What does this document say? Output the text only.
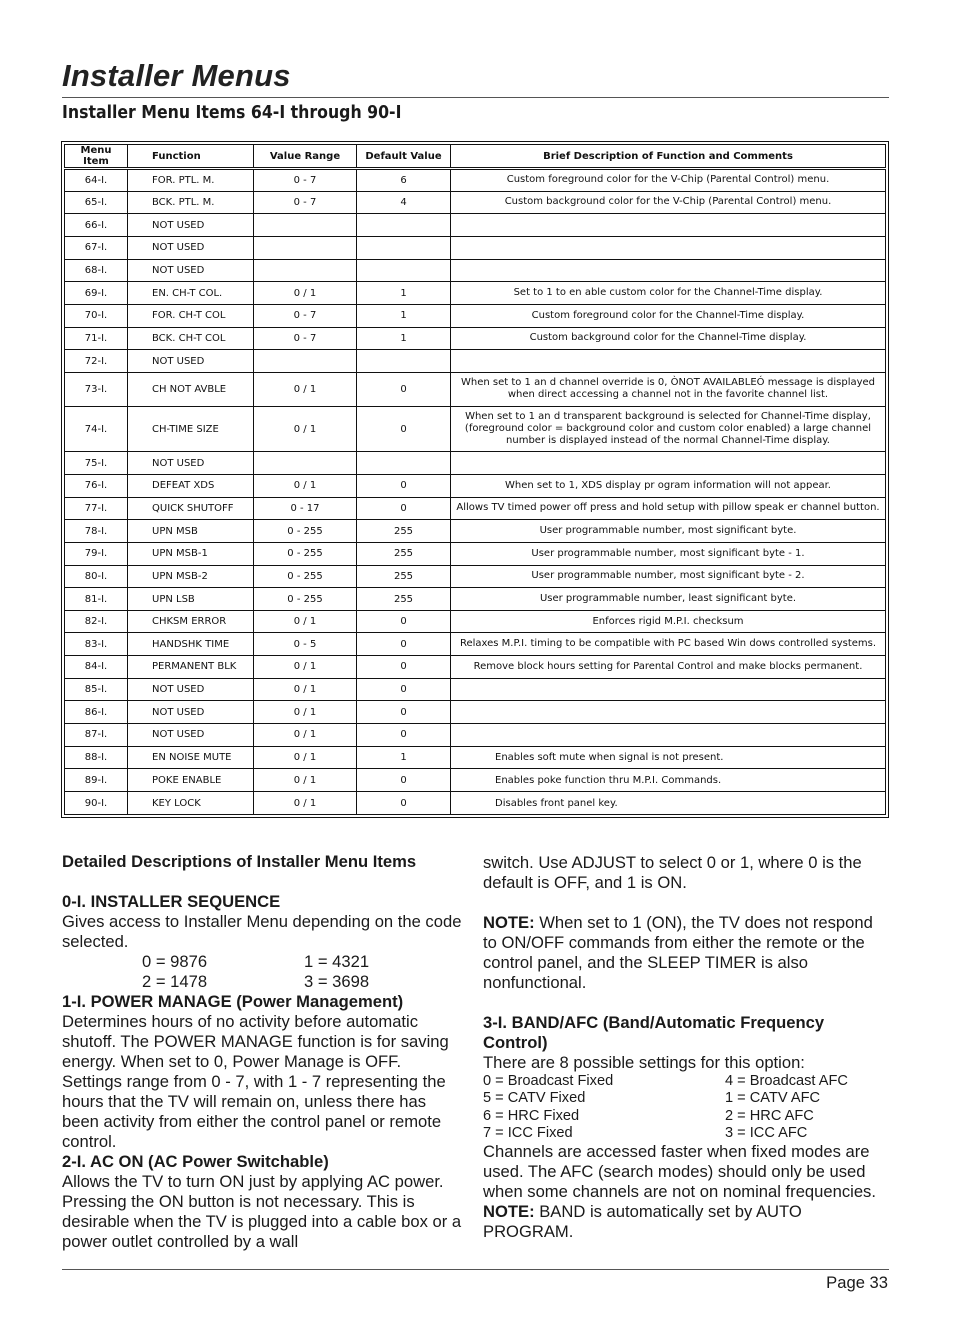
Installer Menus
Installer Menu Items 64-I through 90-I
Menu Item	Function	Value Range	Default Value	Brief Description of Function and Comments
64-I.	FOR. PTL. M.	0 - 7	6	Custom foreground color for the V-Chip (Parental Control) menu.
65-I.	BCK. PTL. M.	0 - 7	4	Custom background color for the V-Chip (Parental Control) menu.
66-I.	NOT USED			
67-I.	NOT USED			
68-I.	NOT USED			
69-I.	EN. CH-T COL.	0 / 1	1	Set to 1 to en able custom color for the Channel-Time display.
70-I.	FOR. CH-T COL	0 - 7	1	Custom foreground color for the Channel-Time display.
71-I.	BCK. CH-T COL	0 - 7	1	Custom background color for the Channel-Time display.
72-I.	NOT USED			
73-I.	CH NOT AVBLE	0 / 1	0	When set to 1 an d channel override is 0, ÒNOT AVAILABLEÓ message is displayed when direct accessing a channel not in the favorite channel list.
74-I.	CH-TIME SIZE	0 / 1	0	When set to 1 an d transparent background is selected for Channel-Time display, (foreground color = background color and custom color enabled) a large channel number is displayed instead of the normal Channel-Time display.
75-I.	NOT USED			
76-I.	DEFEAT XDS	0 / 1	0	When set to 1, XDS display pr ogram information will not appear.
77-I.	QUICK SHUTOFF	0 - 17	0	Allows TV timed power off press and hold setup with pillow speak er channel button.
78-I.	UPN MSB	0 - 255	255	User programmable number, most significant byte.
79-I.	UPN MSB-1	0 - 255	255	User programmable number, most significant byte - 1.
80-I.	UPN MSB-2	0 - 255	255	User programmable number, most significant byte - 2.
81-I.	UPN LSB	0 - 255	255	User programmable number, least significant byte.
82-I.	CHKSM ERROR	0 / 1	0	Enforces rigid M.P.I. checksum
83-I.	HANDSHK TIME	0 - 5	0	Relaxes M.P.I. timing to be compatible with PC based Win dows controlled systems.
84-I.	PERMANENT BLK	0 / 1	0	Remove block hours setting for Parental Control and make blocks permanent.
85-I.	NOT USED	0 / 1	0	
86-I.	NOT USED	0 / 1	0	
87-I.	NOT USED	0 / 1	0	
88-I.	EN NOISE MUTE	0 / 1	1	Enables soft mute when signal is not present.
89-I.	POKE ENABLE	0 / 1	0	Enables poke function thru M.P.I. Commands.
90-I.	KEY LOCK	0 / 1	0	Disables front panel key.

Detailed Descriptions of Installer Menu Items

0-I. INSTALLER SEQUENCE

Gives access to Installer Menu depending on the code selected.

0 = 9876	1 = 4321
2 = 1478	3 = 3698

1-I. POWER MANAGE (Power Management)

Determines hours of no activity before automatic shutoff. The POWER MANAGE function is for saving energy. When set to 0, Power Manage is OFF. Settings range from 0 - 7, with 1 - 7 representing the hours that the TV will remain on, unless there has been activity from either the control panel or remote control.

2-I. AC ON (AC Power Switchable)

Allows the TV to turn ON just by applying AC power. Pressing the ON button is not necessary. This is desirable when the TV is plugged into a cable box or a power outlet controlled by a wall

switch. Use ADJUST to select 0 or 1, where 0 is the default is OFF, and 1 is ON.

NOTE: When set to 1 (ON), the TV does not respond to ON/OFF commands from either the remote or the control panel, and the SLEEP TIMER is also nonfunctional.

3-I. BAND/AFC (Band/Automatic Frequency Control)

There are 8 possible settings for this option:

0 = Broadcast Fixed	4 = Broadcast AFC
5 = CATV Fixed	1 = CATV AFC
6 = HRC Fixed	2 = HRC AFC
7 = ICC Fixed	3 = ICC AFC

Channels are accessed faster when fixed modes are used. The AFC (search modes) should only be used when some channels are not on nominal frequencies.

NOTE: BAND is automatically set by AUTO PROGRAM.

Page 33
